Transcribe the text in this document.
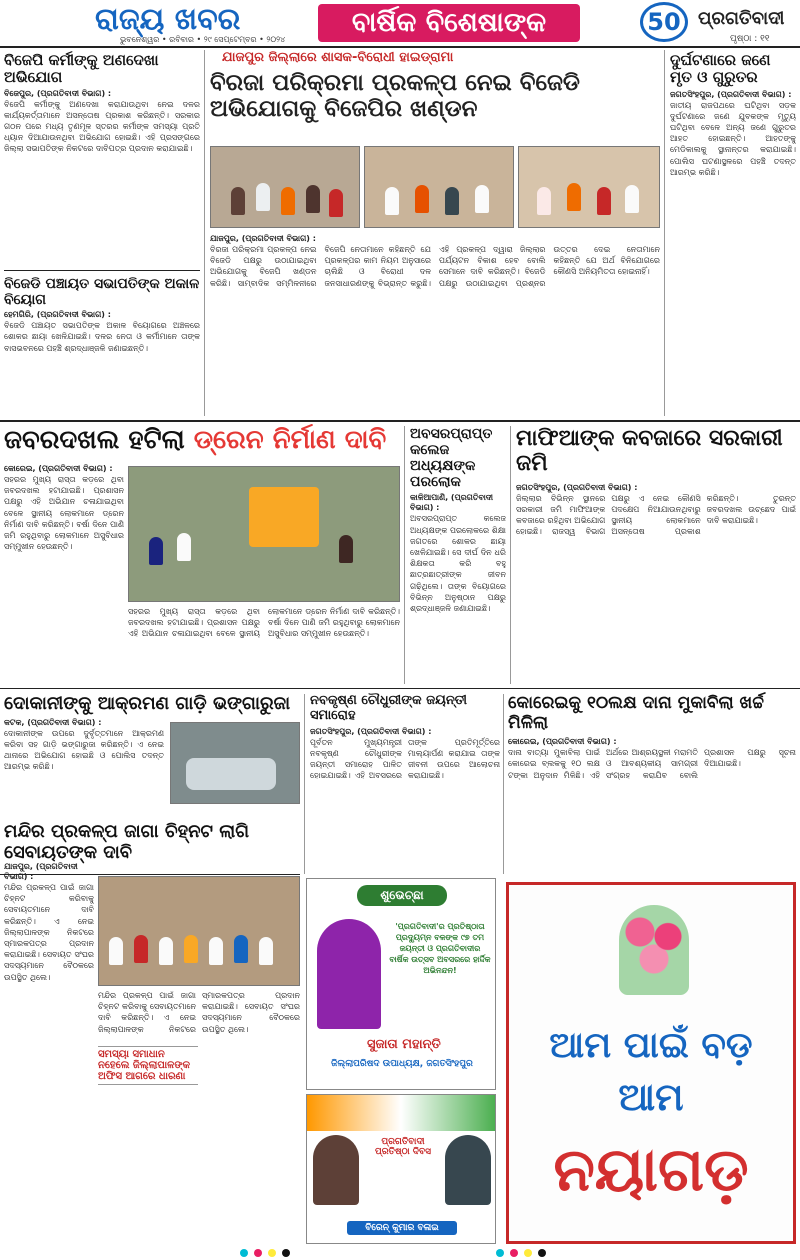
ରାଜ୍ୟ ଖବର
ଭୁବନେଶ୍ୱର • ରବିବାର • ୨୯ ସେପ୍ଟେମ୍ବର • ୨୦୨୪
ବାର୍ଷିକ ବିଶେଷାଙ୍କ	50 ପ୍ରଗତିବାଦୀ
ପୃଷ୍ଠା : ୧୧
ବିଜେପି କର୍ମୀଙ୍କୁ ଅଣଦେଖା ଅଭିଯୋଗ
ବିଜେପୁର, (ପ୍ରଗତିବାଦୀ ବିଭାଗ) :
ବିଜେପି କର୍ମୀଙ୍କୁ ଅଣଦେଖା କରାଯାଉଥିବା ନେଇ ଦଳର କାର୍ଯ୍ୟକର୍ତ୍ତାମାନେ ଅସନ୍ତୋଷ ପ୍ରକାଶ କରିଛନ୍ତି। ସରକାର ଗଠନ ପରେ ମଧ୍ୟ ତୃଣମୂଳ ସ୍ତରର କର୍ମୀଙ୍କ ସମସ୍ୟା ପ୍ରତି ଧ୍ୟାନ ଦିଆଯାଉନଥିବା ଅଭିଯୋଗ ହୋଇଛି। ଏହି ପ୍ରସଙ୍ଗରେ ଜିଲ୍ଲା ସଭାପତିଙ୍କ ନିକଟରେ ଦାବିପତ୍ର ପ୍ରଦାନ କରାଯାଇଛି।
ବିଜେଡି ପଞ୍ଚାୟତ ସଭାପତିଙ୍କ ଅକାଳ ବିୟୋଗ
ହେମଗିରି, (ପ୍ରଗତିବାଦୀ ବିଭାଗ) :
ବିଜେଡି ପଞ୍ଚାୟତ ସଭାପତିଙ୍କ ଅକାଳ ବିୟୋଗରେ ଅଞ୍ଚଳରେ ଶୋକର ଛାୟା ଖେଳିଯାଇଛି। ଦଳର ନେତା ଓ କର୍ମୀମାନେ ତାଙ୍କ ବାସଭବନରେ ପହଞ୍ଚି ଶ୍ରଦ୍ଧାଞ୍ଜଳି ଜଣାଇଛନ୍ତି।
ଯାଜପୁର ଜିଲ୍ଲାରେ ଶାସକ-ବିରୋଧୀ ହାଇଡ୍ରାମା
ବିରଜା ପରିକ୍ରମା ପ୍ରକଳ୍ପ ନେଇ ବିଜେଡି ଅଭିଯୋଗକୁ ବିଜେପିର ଖଣ୍ଡନ
ଯାଜପୁର, (ପ୍ରଗତିବାଦୀ ବିଭାଗ) :
ବିରଜା ପରିକ୍ରମା ପ୍ରକଳ୍ପ ନେଇ ବିଜେଡି ପକ୍ଷରୁ ଉଠାଯାଇଥିବା ଅଭିଯୋଗକୁ ବିଜେପି ଖଣ୍ଡନ କରିଛି। ସାମ୍ବାଦିକ ସମ୍ମିଳନୀରେ ବିଜେପି ନେତାମାନେ କହିଛନ୍ତି ଯେ ପ୍ରକଳ୍ପର କାମ ନିୟମ ଅନୁସାରେ ଚାଲିଛି ଓ ବିରୋଧୀ ଦଳ ଜନସାଧାରଣଙ୍କୁ ବିଭ୍ରାନ୍ତ କରୁଛି। ଏହି ପ୍ରକଳ୍ପ ଦ୍ୱାରା ଜିଲ୍ଲାର ପର୍ଯ୍ୟଟନ ବିକାଶ ହେବ ବୋଲି ସେମାନେ ଦାବି କରିଛନ୍ତି। ବିଜେଡି ପକ୍ଷରୁ ଉଠାଯାଇଥିବା ପ୍ରଶ୍ନର ଉତ୍ତର ଦେଇ ନେତାମାନେ କହିଛନ୍ତି ଯେ ଅର୍ଥ ବିନିଯୋଗରେ କୌଣସି ଅନିୟମିତତା ହୋଇନାହିଁ।
ଦୁର୍ଘଟଣାରେ ଜଣେ ମୃତ ଓ ଗୁରୁତର
ଜଗତସିଂହପୁର, (ପ୍ରଗତିବାଦୀ ବିଭାଗ) :
ଜାତୀୟ ରାଜପଥରେ ଘଟିଥିବା ସଡ଼କ ଦୁର୍ଘଟଣାରେ ଜଣେ ଯୁବକଙ୍କ ମୃତ୍ୟୁ ଘଟିଥିବା ବେଳେ ଅନ୍ୟ ଜଣେ ଗୁରୁତର ଆହତ ହୋଇଛନ୍ତି। ଆହତଙ୍କୁ ମେଡିକାଲକୁ ସ୍ଥାନାନ୍ତର କରାଯାଇଛି। ପୋଲିସ ଘଟଣାସ୍ଥଳରେ ପହଞ୍ଚି ତଦନ୍ତ ଆରମ୍ଭ କରିଛି।
ଜବରଦଖଲ ହଟିଲା ଡ୍ରେନ ନିର୍ମାଣ ଦାବି
କୋରେଇ, (ପ୍ରଗତିବାଦୀ ବିଭାଗ) :
ସହରର ମୁଖ୍ୟ ରାସ୍ତା କଡ଼ରେ ଥିବା ଜବରଦଖଲ ହଟାଯାଇଛି। ପ୍ରଶାସନ ପକ୍ଷରୁ ଏହି ଅଭିଯାନ ଚଳାଯାଇଥିବା ବେଳେ ସ୍ଥାନୀୟ ଲୋକମାନେ ଡ୍ରେନ ନିର୍ମାଣ ଦାବି କରିଛନ୍ତି। ବର୍ଷା ଦିନେ ପାଣି ଜମି ରହୁଥିବାରୁ ଲୋକମାନେ ଅସୁବିଧାର ସମ୍ମୁଖୀନ ହେଉଛନ୍ତି।
ସହରର ମୁଖ୍ୟ ରାସ୍ତା କଡ଼ରେ ଥିବା ଜବରଦଖଲ ହଟାଯାଇଛି। ପ୍ରଶାସନ ପକ୍ଷରୁ ଏହି ଅଭିଯାନ ଚଳାଯାଇଥିବା ବେଳେ ସ୍ଥାନୀୟ ଲୋକମାନେ ଡ୍ରେନ ନିର୍ମାଣ ଦାବି କରିଛନ୍ତି। ବର୍ଷା ଦିନେ ପାଣି ଜମି ରହୁଥିବାରୁ ଲୋକମାନେ ଅସୁବିଧାର ସମ୍ମୁଖୀନ ହେଉଛନ୍ତି।
ଅବସରପ୍ରାପ୍ତ କଲେଜ ଅଧ୍ୟକ୍ଷଙ୍କ ପରଲୋକ
କାଳିଆପାଣି, (ପ୍ରଗତିବାଦୀ ବିଭାଗ) :
ଅବସରପ୍ରାପ୍ତ କଲେଜ ଅଧ୍ୟକ୍ଷଙ୍କ ପରଲୋକରେ ଶିକ୍ଷା ଜଗତରେ ଶୋକର ଛାୟା ଖେଳିଯାଇଛି। ସେ ଦୀର୍ଘ ଦିନ ଧରି ଶିକ୍ଷକତା କରି ବହୁ ଛାତ୍ରଛାତ୍ରୀଙ୍କ ଜୀବନ ଗଢ଼ିଥିଲେ। ତାଙ୍କ ବିୟୋଗରେ ବିଭିନ୍ନ ଅନୁଷ୍ଠାନ ପକ୍ଷରୁ ଶ୍ରଦ୍ଧାଞ୍ଜଳି ଜଣାଯାଇଛି।
ମାଫିଆଙ୍କ କବଜାରେ ସରକାରୀ ଜମି
ଜଗତସିଂହପୁର, (ପ୍ରଗତିବାଦୀ ବିଭାଗ) :
ଜିଲ୍ଲାର ବିଭିନ୍ନ ସ୍ଥାନରେ ସରକାରୀ ଜମି ମାଫିଆଙ୍କ କବଜାରେ ରହିଥିବା ଅଭିଯୋଗ ହୋଇଛି। ରାଜସ୍ୱ ବିଭାଗ ପକ୍ଷରୁ ଏ ନେଇ କୌଣସି ପଦକ୍ଷେପ ନିଆଯାଉନଥିବାରୁ ସ୍ଥାନୀୟ ଲୋକମାନେ ଅସନ୍ତୋଷ ପ୍ରକାଶ କରିଛନ୍ତି। ତୁରନ୍ତ ଜବରଦଖଲ ଉଚ୍ଛେଦ ପାଇଁ ଦାବି କରାଯାଇଛି।
ଦୋକାନୀଙ୍କୁ ଆକ୍ରମଣ ଗାଡ଼ି ଭଙ୍ଗାରୁଜା
କଟକ, (ପ୍ରଗତିବାଦୀ ବିଭାଗ) :
ଦୋକାନୀଙ୍କ ଉପରେ ଦୁର୍ବୃତ୍ତମାନେ ଆକ୍ରମଣ କରିବା ସହ ଗାଡ଼ି ଭଙ୍ଗାରୁଜା କରିଛନ୍ତି। ଏ ନେଇ ଥାନାରେ ଅଭିଯୋଗ ହୋଇଛି ଓ ପୋଲିସ ତଦନ୍ତ ଆରମ୍ଭ କରିଛି।
ନବକୃଷ୍ଣ ଚୌଧୁରୀଙ୍କ ଜୟନ୍ତୀ ସମାରୋହ
ଜଗତସିଂହପୁର, (ପ୍ରଗତିବାଦୀ ବିଭାଗ) :
ପୂର୍ବତନ ମୁଖ୍ୟମନ୍ତ୍ରୀ ନବକୃଷ୍ଣ ଚୌଧୁରୀଙ୍କ ଜୟନ୍ତୀ ସମାରୋହ ପାଳିତ ହୋଇଯାଇଛି। ଏହି ଅବସରରେ ତାଙ୍କ ପ୍ରତିମୂର୍ତ୍ତିରେ ମାଲ୍ୟାର୍ପଣ କରାଯାଇ ତାଙ୍କ ଜୀବନୀ ଉପରେ ଆଲୋଚନା କରାଯାଇଛି।
କୋରେଇକୁ ୧୦ଲକ୍ଷ ଦାନା ମୁକାବିଲା ଖର୍ଚ୍ଚ ମିଳିଲା
କୋରେଇ, (ପ୍ରଗତିବାଦୀ ବିଭାଗ) :
ଦାନା ବାତ୍ୟା ମୁକାବିଲା ପାଇଁ କୋରେଇ ବ୍ଲକକୁ ୧୦ ଲକ୍ଷ ଟଙ୍କା ଅନୁଦାନ ମିଳିଛି। ଏହି ଅର୍ଥରେ ଆଶ୍ରୟସ୍ଥଳୀ ମରାମତି ଓ ଆବଶ୍ୟକୀୟ ସାମଗ୍ରୀ ସଂଗ୍ରହ କରାଯିବ ବୋଲି ପ୍ରଶାସନ ପକ୍ଷରୁ ସୂଚନା ଦିଆଯାଇଛି।
ମନ୍ଦିର ପ୍ରକଳ୍ପ ଜାଗା ଚିହ୍ନଟ ଲାଗି ସେବାୟତଙ୍କ ଦାବି
ଯାଜପୁର, (ପ୍ରଗତିବାଦୀ ବିଭାଗ) :
ମନ୍ଦିର ପ୍ରକଳ୍ପ ପାଇଁ ଜାଗା ଚିହ୍ନଟ କରିବାକୁ ସେବାୟତମାନେ ଦାବି କରିଛନ୍ତି। ଏ ନେଇ ଜିଲ୍ଲାପାଳଙ୍କ ନିକଟରେ ସ୍ମାରକପତ୍ର ପ୍ରଦାନ କରାଯାଇଛି। ସେବାୟତ ସଂଘର ସଦସ୍ୟମାନେ ବୈଠକରେ ଉପସ୍ଥିତ ଥିଲେ।
ସମସ୍ୟା ସମାଧାନ ନହେଲେ ଜିଲ୍ଲାପାଳଙ୍କ ଅଫିସ ଆଗରେ ଧାରଣା
ମନ୍ଦିର ପ୍ରକଳ୍ପ ପାଇଁ ଜାଗା ଚିହ୍ନଟ କରିବାକୁ ସେବାୟତମାନେ ଦାବି କରିଛନ୍ତି। ଏ ନେଇ ଜିଲ୍ଲାପାଳଙ୍କ ନିକଟରେ ସ୍ମାରକପତ୍ର ପ୍ରଦାନ କରାଯାଇଛି। ସେବାୟତ ସଂଘର ସଦସ୍ୟମାନେ ବୈଠକରେ ଉପସ୍ଥିତ ଥିଲେ।
ଶୁଭେଚ୍ଛା
'ପ୍ରଗତିବାଦୀ'ର ପ୍ରତିଷ୍ଠାତା ପ୍ରଦ୍ୟୁମ୍ନ ବଳଙ୍କ ୯୭ ତମ ଜୟନ୍ତୀ ଓ ପ୍ରଗତିବାଦୀର ବାର୍ଷିକ ଉତ୍ସବ ଅବସରରେ ହାର୍ଦ୍ଦିକ ଅଭିନନ୍ଦନ!
ସୁଜାତା ମହାନ୍ତି
ଜିଲ୍ଲାପରିଷଦ ଉପାଧ୍ୟକ୍ଷ, ଜଗତସିଂହପୁର
ପ୍ରଗତିବାଦୀ ପ୍ରତିଷ୍ଠା ଦିବସ
ବିରେନ୍ କୁମାର ବଳାଇ
ଆମ ପାଇଁ ବଡ଼
ଆମ
ନୟାଗଡ଼
